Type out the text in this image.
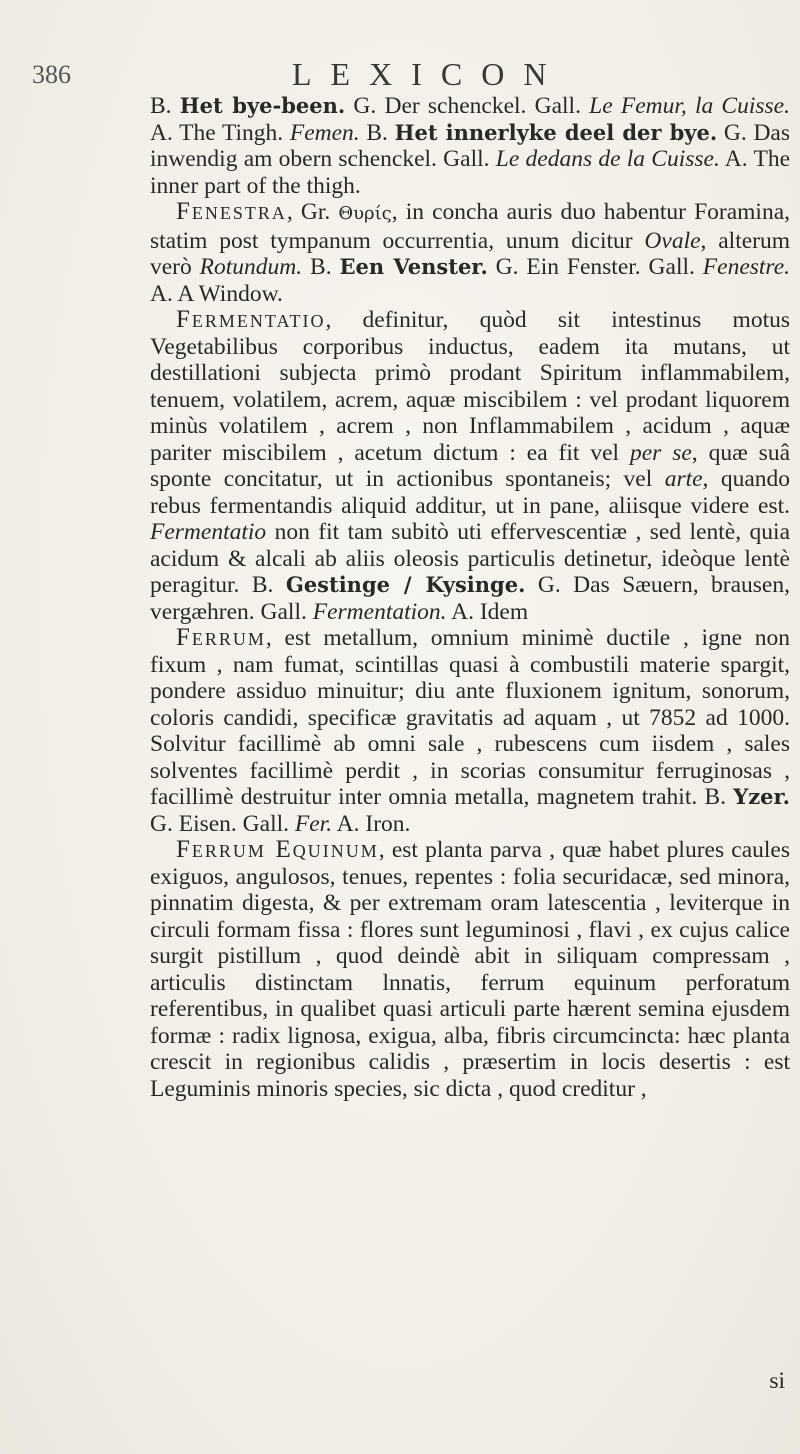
386	LEXICON

B. Het bye-been. G. Der schenckel. Gall. Le Femur, la Cuisse. A. The Tingh. Femen. B. Het innerlyke deel der bye. G. Das inwendig am obern schenckel. Gall. Le dedans de la Cuisse. A. The inner part of the thigh.

Fenestra, Gr. Θυρίς, in concha auris duo habentur Foramina, statim post tympanum occurrentia, unum dicitur Ovale, alterum verò Rotundum. B. Een Venster. G. Ein Fenster. Gall. Fenestre. A. A Window.

Fermentatio, definitur, quòd sit intestinus motus Vegetabilibus corporibus inductus, eadem ita mutans, ut destillationi subjecta primò prodant Spiritum inflammabilem, tenuem, volatilem, acrem, aquæ miscibilem : vel prodant liquorem minùs volatilem , acrem , non Inflammabilem , acidum , aquæ pariter miscibilem , acetum dictum : ea fit vel per se, quæ suâ sponte concitatur, ut in actionibus spontaneis; vel arte, quando rebus fermentandis aliquid additur, ut in pane, aliisque videre est. Fermentatio non fit tam subitò uti effervescentiæ , sed lentè, quia acidum & alcali ab aliis oleosis particulis detinetur, ideòque lentè peragitur. B. Gestinge / Kysinge. G. Das Sæuern, brausen, vergæhren. Gall. Fermentation. A. Idem

Ferrum, est metallum, omnium minimè ductile , igne non fixum , nam fumat, scintillas quasi à combustili materie spargit, pondere assiduo minuitur; diu ante fluxionem ignitum, sonorum, coloris candidi, specificæ gravitatis ad aquam , ut 7852 ad 1000. Solvitur facillimè ab omni sale , rubescens cum iisdem , sales solventes facillimè perdit , in scorias consumitur ferruginosas , facillimè destruitur inter omnia metalla, magnetem trahit. B. Yzer. G. Eisen. Gall. Fer. A. Iron.

Ferrum Equinum, est planta parva , quæ habet plures caules exiguos, angulosos, tenues, repentes : folia securidacæ, sed minora, pinnatim digesta, & per extremam oram latescentia , leviterque in circuli formam fissa : flores sunt leguminosi , flavi , ex cujus calice surgit pistillum , quod deindè abit in siliquam compressam , articulis distinctam lnnatis, ferrum equinum perforatum referentibus, in qualibet quasi articuli parte hærent semina ejusdem formæ : radix lignosa, exigua, alba, fibris circumcincta: hæc planta crescit in regionibus calidis , præsertim in locis desertis : est Leguminis minoris species, sic dicta , quod creditur ,

si
